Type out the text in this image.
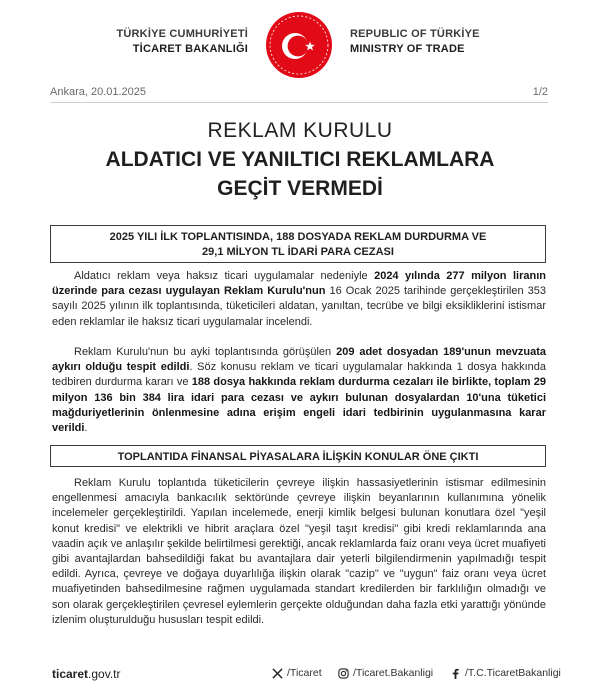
TÜRKİYE CUMHURİYETİ
TİCARET BAKANLIĞI
REPUBLIC OF TÜRKİYE
MINISTRY OF TRADE
Ankara, 20.01.2025	1/2
REKLAM KURULU
ALDATICI VE YANILTICI REKLAMLARA
GEÇİT VERMEDİ
2025 YILI İLK TOPLANTISINDA, 188 DOSYADA REKLAM DURDURMA VE
29,1 MİLYON TL İDARİ PARA CEZASI

Aldatıcı reklam veya haksız ticari uygulamalar nedeniyle 2024 yılında 277 milyon liranın üzerinde para cezası uygulayan Reklam Kurulu'nun 16 Ocak 2025 tarihinde gerçekleştirilen 353 sayılı 2025 yılının ilk toplantısında, tüketicileri aldatan, yanıltan, tecrübe ve bilgi eksikliklerini istismar eden reklamlar ile haksız ticari uygulamalar incelendi.

Reklam Kurulu'nun bu ayki toplantısında görüşülen 209 adet dosyadan 189'unun mevzuata aykırı olduğu tespit edildi. Söz konusu reklam ve ticari uygulamalar hakkında 1 dosya hakkında tedbiren durdurma kararı ve 188 dosya hakkında reklam durdurma cezaları ile birlikte, toplam 29 milyon 136 bin 384 lira idari para cezası ve aykırı bulunan dosyalardan 10'una tüketici mağduriyetlerinin önlenmesine adına erişim engeli idari tedbirinin uygulanmasına karar verildi.

TOPLANTIDA FİNANSAL PİYASALARA İLİŞKİN KONULAR ÖNE ÇIKTI

Reklam Kurulu toplantıda tüketicilerin çevreye ilişkin hassasiyetlerinin istismar edilmesinin engellenmesi amacıyla bankacılık sektöründe çevreye ilişkin beyanlarının kullanımına yönelik incelemeler gerçekleştirildi. Yapılan incelemede, enerji kimlik belgesi bulunan konutlara özel "yeşil konut kredisi" ve elektrikli ve hibrit araçlara özel "yeşil taşıt kredisi" gibi kredi reklamlarında ana vaadin açık ve anlaşılır şekilde belirtilmesi gerektiği, ancak reklamlarda faiz oranı veya ücret muafiyeti gibi avantajlardan bahsedildiği fakat bu avantajlara dair yeterli bilgilendirmenin yapılmadığı tespit edildi. Ayrıca, çevreye ve doğaya duyarlılığa ilişkin olarak "cazip" ve "uygun" faiz oranı veya ücret muafiyetinden bahsedilmesine rağmen uygulamada standart kredilerden bir farklılığın olmadığı ve son olarak gerçekleştirilen çevresel eylemlerin gerçekte olduğundan daha fazla etki yarattığı yönünde izlenim oluşturulduğu hususları tespit edildi.

ticaret.gov.tr	/Ticaret	/Ticaret.Bakanligi	/T.C.TicaretBakanligi
